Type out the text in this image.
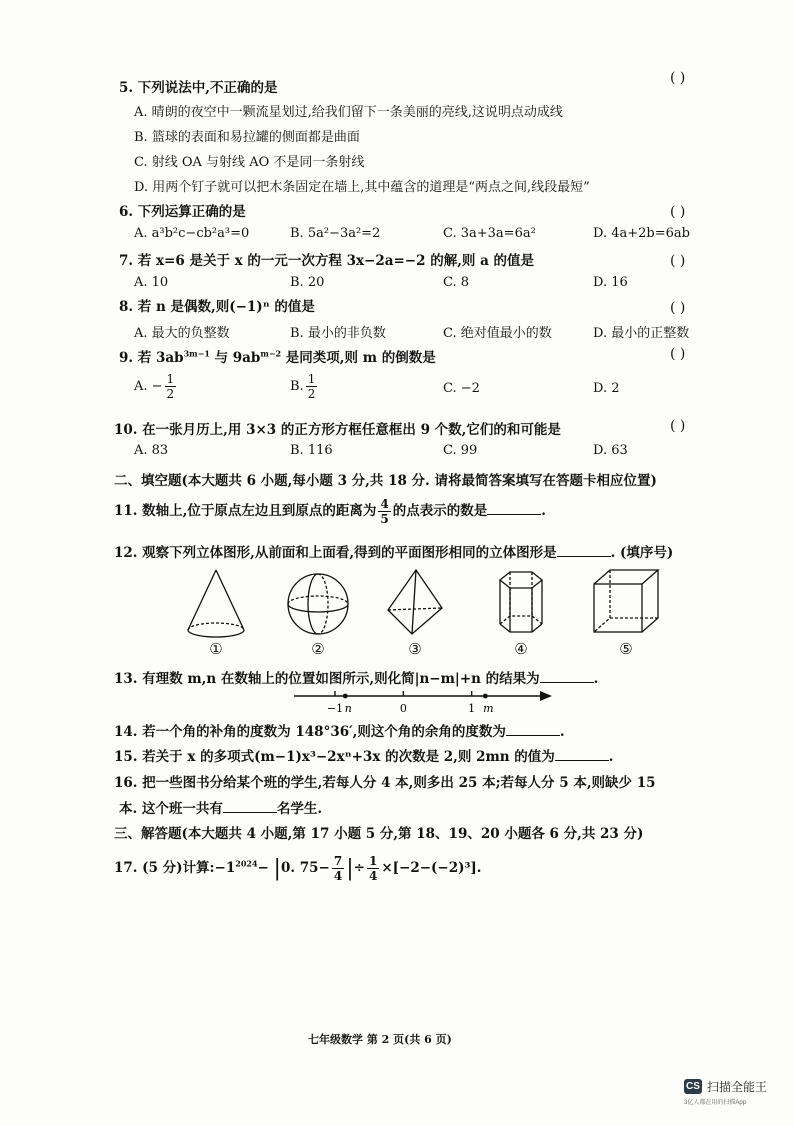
5. 下列说法中,不正确的是
( )
A. 晴朗的夜空中一颗流星划过,给我们留下一条美丽的亮线,这说明点动成线
B. 篮球的表面和易拉罐的侧面都是曲面
C. 射线 OA 与射线 AO 不是同一条射线
D. 用两个钉子就可以把木条固定在墙上,其中蕴含的道理是“两点之间,线段最短”
6. 下列运算正确的是	( )
A. a³b²c−cb²a³=0	B. 5a²−3a²=2	C. 3a+3a=6a²	D. 4a+2b=6ab
7. 若 x=6 是关于 x 的一元一次方程 3x−2a=−2 的解,则 a 的值是	( )
A. 10	B. 20	C. 8	D. 16
8. 若 n 是偶数,则(−1)ⁿ 的值是	( )
A. 最大的负整数	B. 最小的非负数	C. 绝对值最小的数	D. 最小的正整数
9. 若 $3ab^{3m-1}$ 与 $9ab^{m-2}$ 是同类项,则 m 的倒数是	( )
A. − $\frac{1}{2}$	B. $\frac{1}{2}$	C. −2	D. 2
10. 在一张月历上,用 3×3 的正方形方框任意框出 9 个数,它们的和可能是	( )
A. 83	B. 116	C. 99	D. 63
二、填空题(本大题共 6 小题,每小题 3 分,共 18 分. 请将最简答案填写在答题卡相应位置)
11. 数轴上,位于原点左边且到原点的距离为 $\frac{4}{5}$ 的点表示的数是	.
12. 观察下列立体图形,从前面和上面看,得到的平面图形相同的立体图形是	. (填序号)
①	②	③	④	⑤
13. 有理数 m,n 在数轴上的位置如图所示,则化简|n−m|+n 的结果为	.
−1	0	1
n	m
14. 若一个角的补角的度数为 148°36′,则这个角的余角的度数为	.
15. 若关于 x 的多项式(m−1)x³−2xⁿ+3x 的次数是 2,则 2mn 的值为	.
16. 把一些图书分给某个班的学生,若每人分 4 本,则多出 25 本;若每人分 5 本,则缺少 15
本. 这个班一共有	名学生.
三、解答题(本大题共 4 小题,第 17 小题 5 分,第 18、19、20 小题各 6 分,共 23 分)
17. (5 分)计算$:-1^{2024}- |0$. $75- \frac{7}{4}$ |÷ $\frac{1}{4} \times[-2-(-2)^3]$.
七年级数学 第 2 页(共 6 页)
CS 扫描全能王
3亿人都在用的扫描App
